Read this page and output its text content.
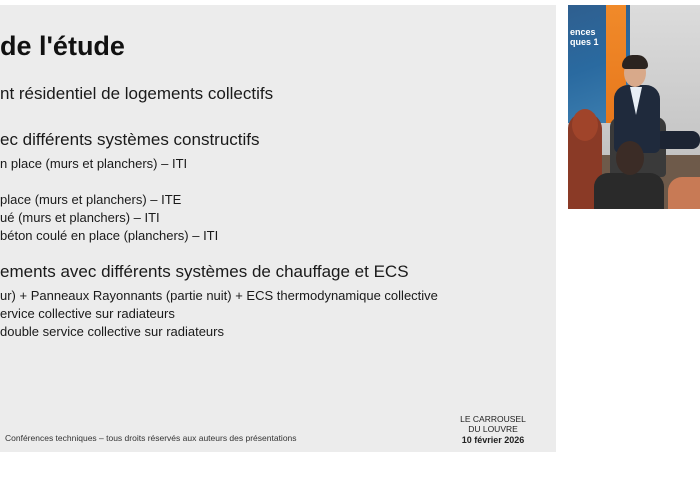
de l'étude
nt résidentiel de logements collectifs
ec différents systèmes constructifs
n place (murs et planchers) – ITI
place (murs et planchers) – ITE
ué (murs et planchers) – ITI
béton coulé en place (planchers) – ITI
ements avec différents systèmes de chauffage et ECS
ur) + Panneaux Rayonnants (partie nuit) + ECS thermodynamique collective
ervice collective sur radiateurs
double service collective sur radiateurs
Conférences techniques – tous droits réservés aux auteurs des présentations
LE CARROUSEL
DU LOUVRE
10 février 2026
ences
ques 1
